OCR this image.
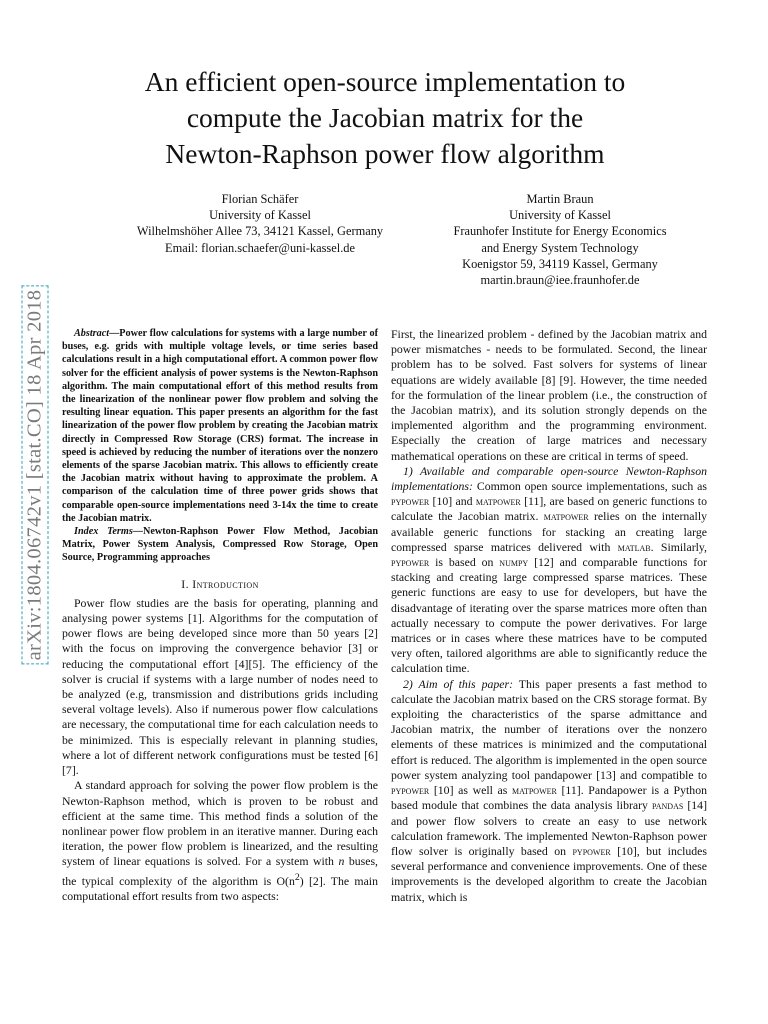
An efficient open-source implementation to
compute the Jacobian matrix for the
Newton-Raphson power flow algorithm
Florian Schäfer
University of Kassel
Wilhelmshöher Allee 73, 34121 Kassel, Germany
Email: florian.schaefer@uni-kassel.de
Martin Braun
University of Kassel
Fraunhofer Institute for Energy Economics
and Energy System Technology
Koenigstor 59, 34119 Kassel, Germany
martin.braun@iee.fraunhofer.de
arXiv:1804.06742v1 [stat.CO] 18 Apr 2018	Abstract—Power flow calculations for systems with a large number of buses, e.g. grids with multiple voltage levels, or time series based calculations result in a high computational effort. A common power flow solver for the efficient analysis of power systems is the Newton-Raphson algorithm. The main computational effort of this method results from the linearization of the nonlinear power flow problem and solving the resulting linear equation. This paper presents an algorithm for the fast linearization of the power flow problem by creating the Jacobian matrix directly in Compressed Row Storage (CRS) format. The increase in speed is achieved by reducing the number of iterations over the nonzero elements of the sparse Jacobian matrix. This allows to efficiently create the Jacobian matrix without having to approximate the problem. A comparison of the calculation time of three power grids shows that comparable open-source implementations need 3-14x the time to create the Jacobian matrix.

Index Terms—Newton-Raphson Power Flow Method, Jacobian Matrix, Power System Analysis, Compressed Row Storage, Open Source, Programming approaches

I. Introduction

Power flow studies are the basis for operating, planning and analysing power systems [1]. Algorithms for the computation of power flows are being developed since more than 50 years [2] with the focus on improving the convergence behavior [3] or reducing the computational effort [4][5]. The efficiency of the solver is crucial if systems with a large number of nodes need to be analyzed (e.g, transmission and distributions grids including several voltage levels). Also if numerous power flow calculations are necessary, the computational time for each calculation needs to be minimized. This is especially relevant in planning studies, where a lot of different network configurations must be tested [6] [7].

A standard approach for solving the power flow problem is the Newton-Raphson method, which is proven to be robust and efficient at the same time. This method finds a solution of the nonlinear power flow problem in an iterative manner. During each iteration, the power flow problem is linearized, and the resulting system of linear equations is solved. For a system with n buses, the typical complexity of the algorithm is $O(n^2)$ [2]. The main computational effort results from two aspects:

First, the linearized problem - defined by the Jacobian matrix and power mismatches - needs to be formulated. Second, the linear problem has to be solved. Fast solvers for systems of linear equations are widely available [8] [9]. However, the time needed for the formulation of the linear problem (i.e., the construction of the Jacobian matrix), and its solution strongly depends on the implemented algorithm and the programming environment. Especially the creation of large matrices and necessary mathematical operations on these are critical in terms of speed.

1) Available and comparable open-source Newton-Raphson implementations: Common open source implementations, such as pypower [10] and matpower [11], are based on generic functions to calculate the Jacobian matrix. matpower relies on the internally available generic functions for stacking an creating large compressed sparse matrices delivered with matlab. Similarly, pypower is based on numpy [12] and comparable functions for stacking and creating large compressed sparse matrices. These generic functions are easy to use for developers, but have the disadvantage of iterating over the sparse matrices more often than actually necessary to compute the power derivatives. For large matrices or in cases where these matrices have to be computed very often, tailored algorithms are able to significantly reduce the calculation time.

2) Aim of this paper: This paper presents a fast method to calculate the Jacobian matrix based on the CRS storage format. By exploiting the characteristics of the sparse admittance and Jacobian matrix, the number of iterations over the nonzero elements of these matrices is minimized and the computational effort is reduced. The algorithm is implemented in the open source power system analyzing tool pandapower [13] and compatible to pypower [10] as well as matpower [11]. Pandapower is a Python based module that combines the data analysis library pandas [14] and power flow solvers to create an easy to use network calculation framework. The implemented Newton-Raphson power flow solver is originally based on pypower [10], but includes several performance and convenience improvements. One of these improvements is the developed algorithm to create the Jacobian matrix, which is
